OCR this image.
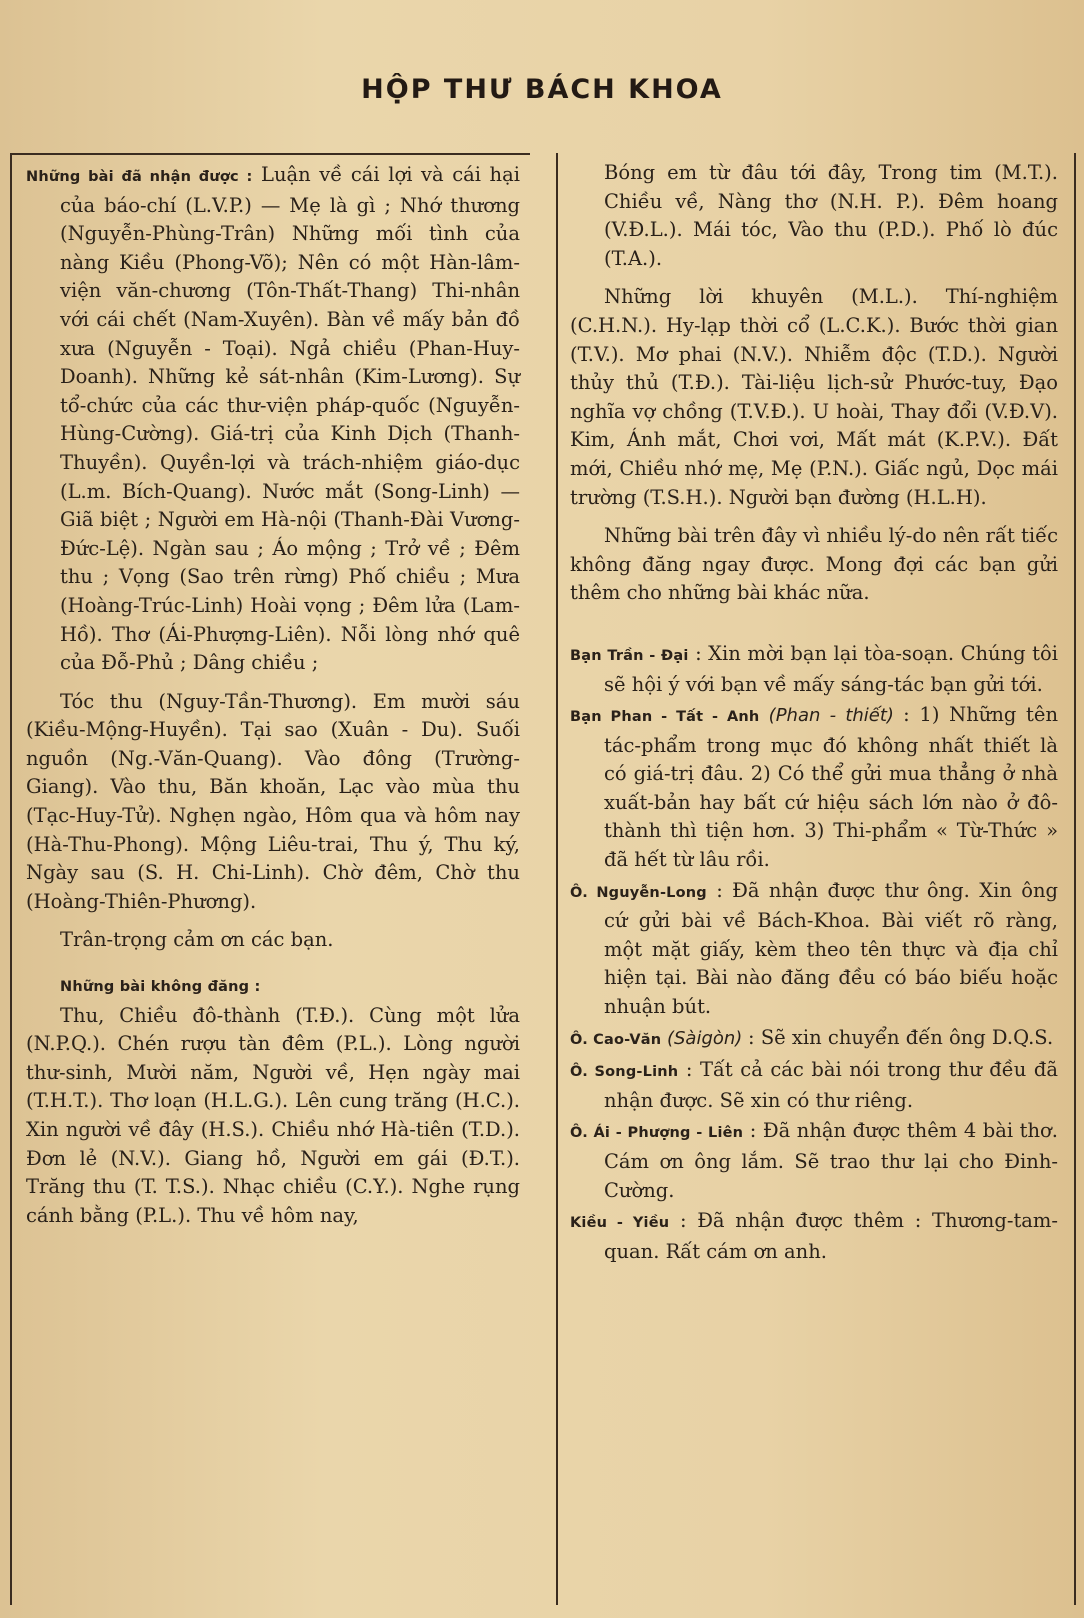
HỘP THƯ BÁCH KHOA

Những bài đã nhận được : Luận về cái lợi và cái hại của báo-chí (L.V.P.) — Mẹ là gì ; Nhớ thương (Nguyễn-Phùng-Trân) Những mối tình của nàng Kiều (Phong-Võ); Nên có một Hàn-lâm-viện văn-chương (Tôn-Thất-Thang) Thi-nhân với cái chết (Nam-Xuyên). Bàn về mấy bản đồ xưa (Nguyễn - Toại). Ngả chiều (Phan-Huy-Doanh). Những kẻ sát-nhân (Kim-Lương). Sự tổ-chức của các thư-viện pháp-quốc (Nguyễn-Hùng-Cường). Giá-trị của Kinh Dịch (Thanh-Thuyền). Quyền-lợi và trách-nhiệm giáo-dục (L.m. Bích-Quang). Nước mắt (Song-Linh) — Giã biệt ; Người em Hà-nội (Thanh-Đài Vương-Đức-Lệ). Ngàn sau ; Áo mộng ; Trở về ; Đêm thu ; Vọng (Sao trên rừng) Phố chiều ; Mưa (Hoàng-Trúc-Linh) Hoài vọng ; Đêm lửa (Lam-Hồ). Thơ (Ái-Phượng-Liên). Nỗi lòng nhớ quê của Đỗ-Phủ ; Dâng chiều ;

Tóc thu (Nguy-Tần-Thương). Em mười sáu (Kiều-Mộng-Huyền). Tại sao (Xuân - Du). Suối nguồn (Ng.-Văn-Quang). Vào đông (Trường-Giang). Vào thu, Băn khoăn, Lạc vào mùa thu (Tạc-Huy-Tử). Nghẹn ngào, Hôm qua và hôm nay (Hà-Thu-Phong). Mộng Liêu-trai, Thu ý, Thu ký, Ngày sau (S. H. Chi-Linh). Chờ đêm, Chờ thu (Hoàng-Thiên-Phương).

Trân-trọng cảm ơn các bạn.

Những bài không đăng :

Thu, Chiều đô-thành (T.Đ.). Cùng một lửa (N.P.Q.). Chén rượu tàn đêm (P.L.). Lòng người thư-sinh, Mười năm, Người về, Hẹn ngày mai (T.H.T.). Thơ loạn (H.L.G.). Lên cung trăng (H.C.). Xin người về đây (H.S.). Chiều nhớ Hà-tiên (T.D.). Đơn lẻ (N.V.). Giang hồ, Người em gái (Đ.T.). Trăng thu (T. T.S.). Nhạc chiều (C.Y.). Nghe rụng cánh bằng (P.L.). Thu về hôm nay,

Bóng em từ đâu tới đây, Trong tim (M.T.). Chiều về, Nàng thơ (N.H. P.). Đêm hoang (V.Đ.L.). Mái tóc, Vào thu (P.D.). Phố lò đúc (T.A.).

Những lời khuyên (M.L.). Thí-nghiệm (C.H.N.). Hy-lạp thời cổ (L.C.K.). Bước thời gian (T.V.). Mơ phai (N.V.). Nhiễm độc (T.D.). Người thủy thủ (T.Đ.). Tài-liệu lịch-sử Phước-tuy, Đạo nghĩa vợ chồng (T.V.Đ.). U hoài, Thay đổi (V.Đ.V). Kim, Ánh mắt, Chơi vơi, Mất mát (K.P.V.). Đất mới, Chiều nhớ mẹ, Mẹ (P.N.). Giấc ngủ, Dọc mái trường (T.S.H.). Người bạn đường (H.L.H).

Những bài trên đây vì nhiều lý-do nên rất tiếc không đăng ngay được. Mong đợi các bạn gửi thêm cho những bài khác nữa.

Bạn Trần - Đại : Xin mời bạn lại tòa-soạn. Chúng tôi sẽ hội ý với bạn về mấy sáng-tác bạn gửi tới.

Bạn Phan - Tất - Anh (Phan - thiết) : 1) Những tên tác-phẩm trong mục đó không nhất thiết là có giá-trị đâu. 2) Có thể gửi mua thẳng ở nhà xuất-bản hay bất cứ hiệu sách lớn nào ở đô-thành thì tiện hơn. 3) Thi-phẩm « Từ-Thức » đã hết từ lâu rồi.

Ô. Nguyễn-Long : Đã nhận được thư ông. Xin ông cứ gửi bài về Bách-Khoa. Bài viết rõ ràng, một mặt giấy, kèm theo tên thực và địa chỉ hiện tại. Bài nào đăng đều có báo biếu hoặc nhuận bút.

Ô. Cao-Văn (Sàigòn) : Sẽ xin chuyển đến ông D.Q.S.

Ô. Song-Linh : Tất cả các bài nói trong thư đều đã nhận được. Sẽ xin có thư riêng.

Ô. Ái - Phượng - Liên : Đã nhận được thêm 4 bài thơ. Cám ơn ông lắm. Sẽ trao thư lại cho Đinh-Cường.

Kiều - Yiều : Đã nhận được thêm : Thương-tam-quan. Rất cám ơn anh.
